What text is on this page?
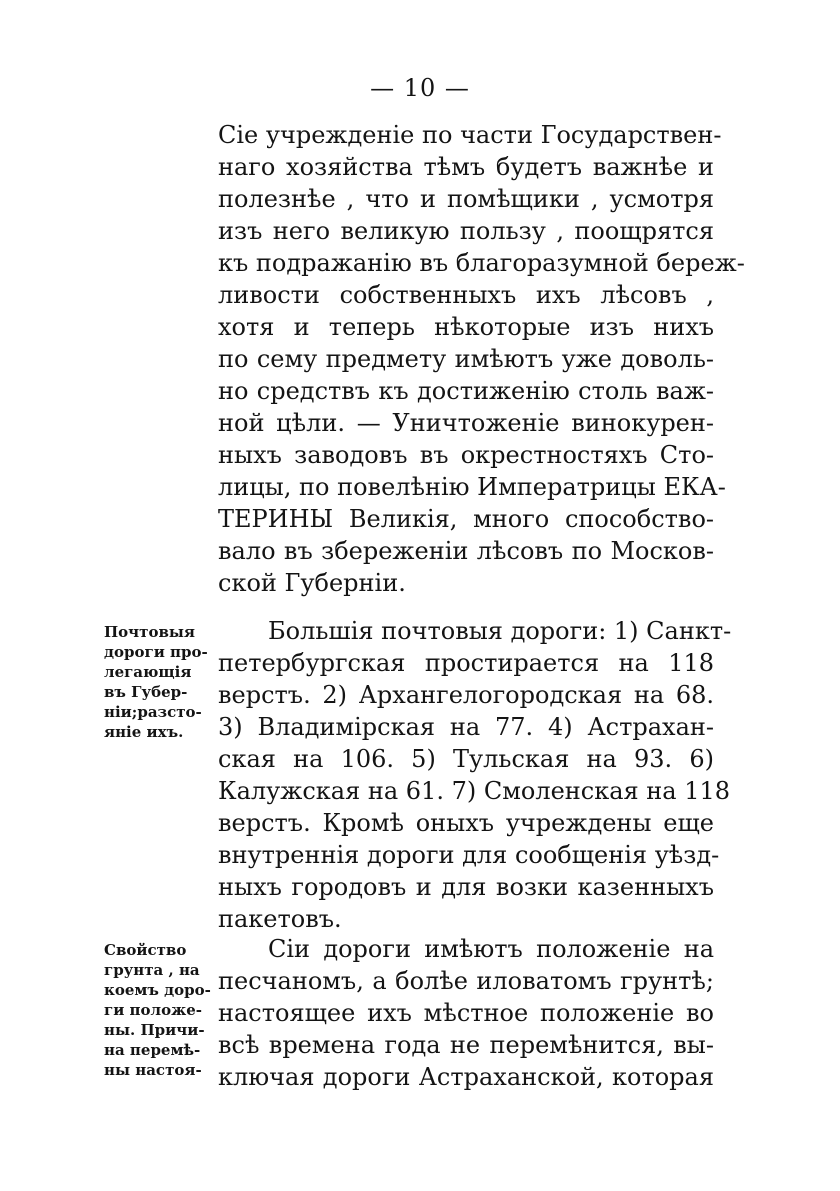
— 10 —
Сіе учрежденіе по части Государствен-
наго хозяйства тѣмъ будетъ важнѣе и
полезнѣе , что и помѣщики , усмотря
изъ него великую пользу , поощрятся
къ подражанію въ благоразумной береж-
ливости собственныхъ ихъ лѣсовъ ,
хотя и теперь нѣкоторые изъ нихъ
по сему предмету имѣютъ уже доволь-
но средствъ къ достиженію столь важ-
ной цѣли. — Уничтоженіе винокурен-
ныхъ заводовъ въ окрестностяхъ Сто-
лицы, по повелѣнію Императрицы ЕКА-
ТЕРИНЫ Великія, много способство-
вало въ збереженіи лѣсовъ по Москов-
ской Губерніи.
Почтовыя
дороги про-
легающія
въ Губер-
ніи;разсто-
яніе ихъ.
Большія почтовыя дороги: 1) Санкт-
петербургская простирается на 118
верстъ. 2) Архангелогородская на 68.
3) Владимірская на 77. 4) Астрахан-
ская на 106. 5) Тульская на 93. 6)
Калужская на 61. 7) Смоленская на 118
верстъ. Кромѣ оныхъ учреждены еще
внутреннія дороги для сообщенія уѣзд-
ныхъ городовъ и для возки казенныхъ
пакетовъ.
Свойство
грунта , на
коемъ доро-
ги положе-
ны. Причи-
на перемѣ-
ны настоя-
Сіи дороги имѣютъ положеніе на
песчаномъ, а болѣе иловатомъ грунтѣ;
настоящее ихъ мѣстное положеніе во
всѣ времена года не перемѣнится, вы-
ключая дороги Астраханской, которая
